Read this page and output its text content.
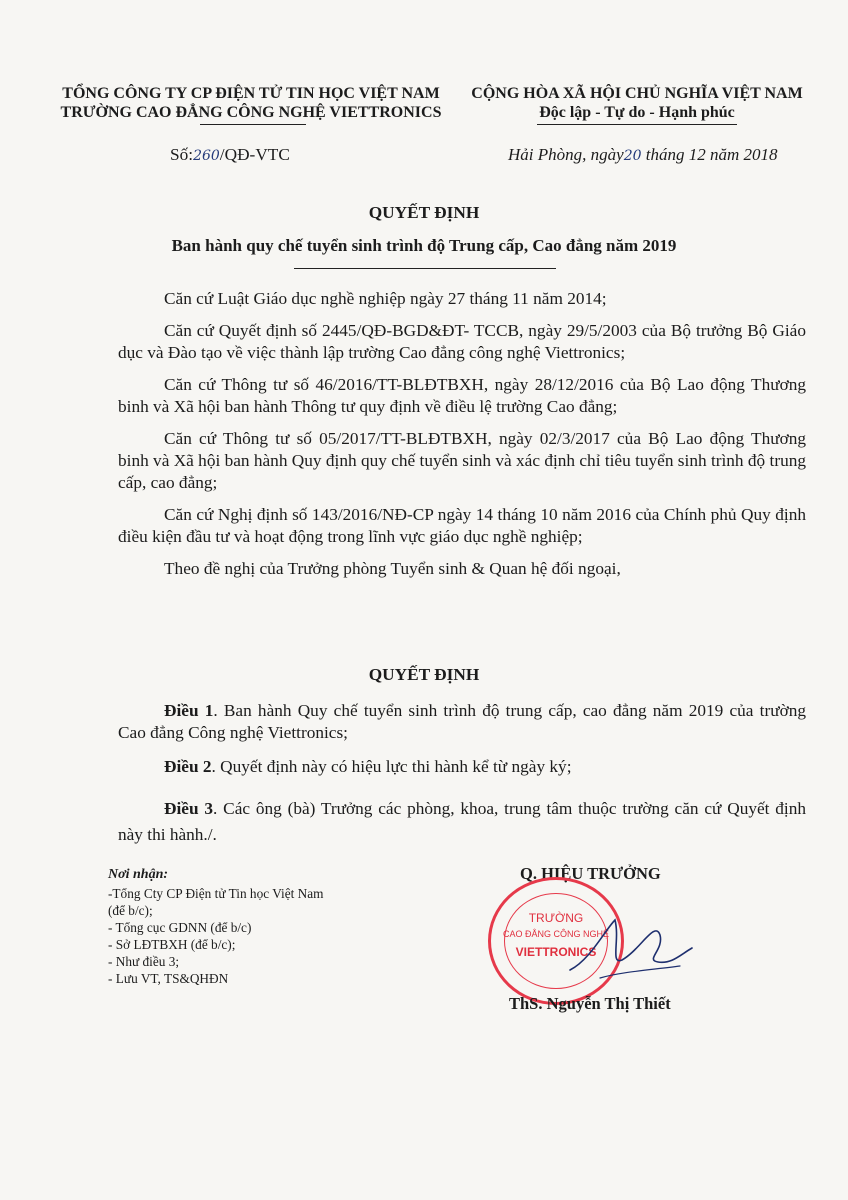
TỔNG CÔNG TY CP ĐIỆN TỬ TIN HỌC VIỆT NAM
TRƯỜNG CAO ĐẲNG CÔNG NGHỆ VIETTRONICS
CỘNG HÒA XÃ HỘI CHỦ NGHĨA VIỆT NAM
Độc lập - Tự do - Hạnh phúc
Số:260/QĐ-VTC	Hải Phòng, ngày20 tháng 12 năm 2018
QUYẾT ĐỊNH
Ban hành quy chế tuyển sinh trình độ Trung cấp, Cao đẳng năm 2019

Căn cứ Luật Giáo dục nghề nghiệp ngày 27 tháng 11 năm 2014;

Căn cứ Quyết định số 2445/QĐ-BGD&ĐT- TCCB, ngày 29/5/2003 của Bộ trưởng Bộ Giáo dục và Đào tạo về việc thành lập trường Cao đẳng công nghệ Viettronics;

Căn cứ Thông tư số 46/2016/TT-BLĐTBXH, ngày 28/12/2016 của Bộ Lao động Thương binh và Xã hội ban hành Thông tư quy định về điều lệ trường Cao đẳng;

Căn cứ Thông tư số 05/2017/TT-BLĐTBXH, ngày 02/3/2017 của Bộ Lao động Thương binh và Xã hội ban hành Quy định quy chế tuyển sinh và xác định chỉ tiêu tuyển sinh trình độ trung cấp, cao đẳng;

Căn cứ Nghị định số 143/2016/NĐ-CP ngày 14 tháng 10 năm 2016 của Chính phủ Quy định điều kiện đầu tư và hoạt động trong lĩnh vực giáo dục nghề nghiệp;

Theo đề nghị của Trưởng phòng Tuyển sinh & Quan hệ đối ngoại,

QUYẾT ĐỊNH

Điều 1. Ban hành Quy chế tuyển sinh trình độ trung cấp, cao đẳng năm 2019 của trường Cao đẳng Công nghệ Viettronics;

Điều 2. Quyết định này có hiệu lực thi hành kể từ ngày ký;

Điều 3. Các ông (bà) Trưởng các phòng, khoa, trung tâm thuộc trường căn cứ Quyết định này thi hành./.

Nơi nhận:
-Tổng Cty CP Điện tử Tin học Việt Nam (để b/c);
- Tổng cục GDNN (để b/c)
- Sở LĐTBXH (để b/c);
- Như điều 3;
- Lưu VT, TS&QHĐN
Q. HIỆU TRƯỞNG
TRƯỜNG
CAO ĐẲNG CÔNG NGHỆ
VIETTRONICS
ThS. Nguyễn Thị Thiết
